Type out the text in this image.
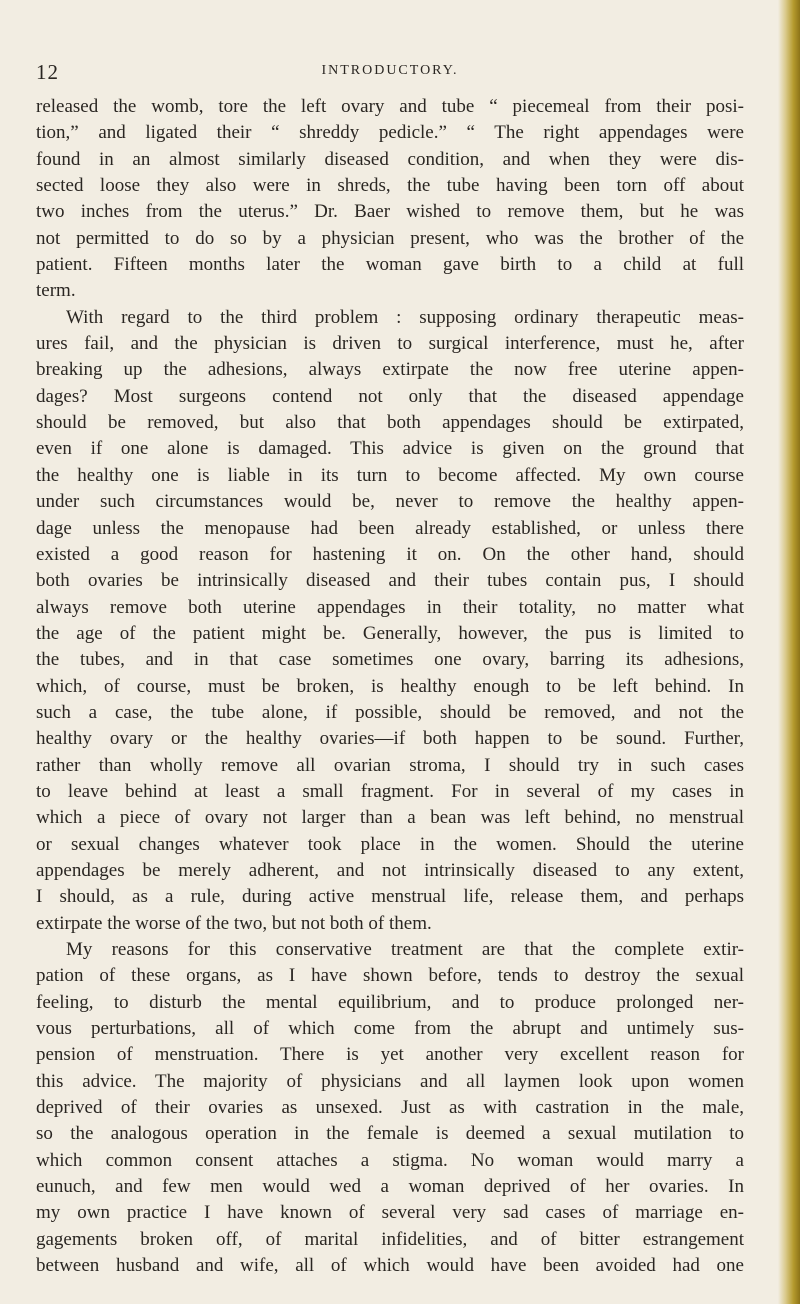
12	INTRODUCTORY.
released the womb, tore the left ovary and tube “ piecemeal from their posi-
tion,” and ligated their “ shreddy pedicle.” “ The right appendages were
found in an almost similarly diseased condition, and when they were dis-
sected loose they also were in shreds, the tube having been torn off about
two inches from the uterus.” Dr. Baer wished to remove them, but he was
not permitted to do so by a physician present, who was the brother of the
patient. Fifteen months later the woman gave birth to a child at full
term.
With regard to the third problem : supposing ordinary therapeutic meas-
ures fail, and the physician is driven to surgical interference, must he, after
breaking up the adhesions, always extirpate the now free uterine appen-
dages? Most surgeons contend not only that the diseased appendage
should be removed, but also that both appendages should be extirpated,
even if one alone is damaged. This advice is given on the ground that
the healthy one is liable in its turn to become affected. My own course
under such circumstances would be, never to remove the healthy appen-
dage unless the menopause had been already established, or unless there
existed a good reason for hastening it on. On the other hand, should
both ovaries be intrinsically diseased and their tubes contain pus, I should
always remove both uterine appendages in their totality, no matter what
the age of the patient might be. Generally, however, the pus is limited to
the tubes, and in that case sometimes one ovary, barring its adhesions,
which, of course, must be broken, is healthy enough to be left behind. In
such a case, the tube alone, if possible, should be removed, and not the
healthy ovary or the healthy ovaries—if both happen to be sound. Further,
rather than wholly remove all ovarian stroma, I should try in such cases
to leave behind at least a small fragment. For in several of my cases in
which a piece of ovary not larger than a bean was left behind, no menstrual
or sexual changes whatever took place in the women. Should the uterine
appendages be merely adherent, and not intrinsically diseased to any extent,
I should, as a rule, during active menstrual life, release them, and perhaps
extirpate the worse of the two, but not both of them.
My reasons for this conservative treatment are that the complete extir-
pation of these organs, as I have shown before, tends to destroy the sexual
feeling, to disturb the mental equilibrium, and to produce prolonged ner-
vous perturbations, all of which come from the abrupt and untimely sus-
pension of menstruation. There is yet another very excellent reason for
this advice. The majority of physicians and all laymen look upon women
deprived of their ovaries as unsexed. Just as with castration in the male,
so the analogous operation in the female is deemed a sexual mutilation to
which common consent attaches a stigma. No woman would marry a
eunuch, and few men would wed a woman deprived of her ovaries. In
my own practice I have known of several very sad cases of marriage en-
gagements broken off, of marital infidelities, and of bitter estrangement
between husband and wife, all of which would have been avoided had one
